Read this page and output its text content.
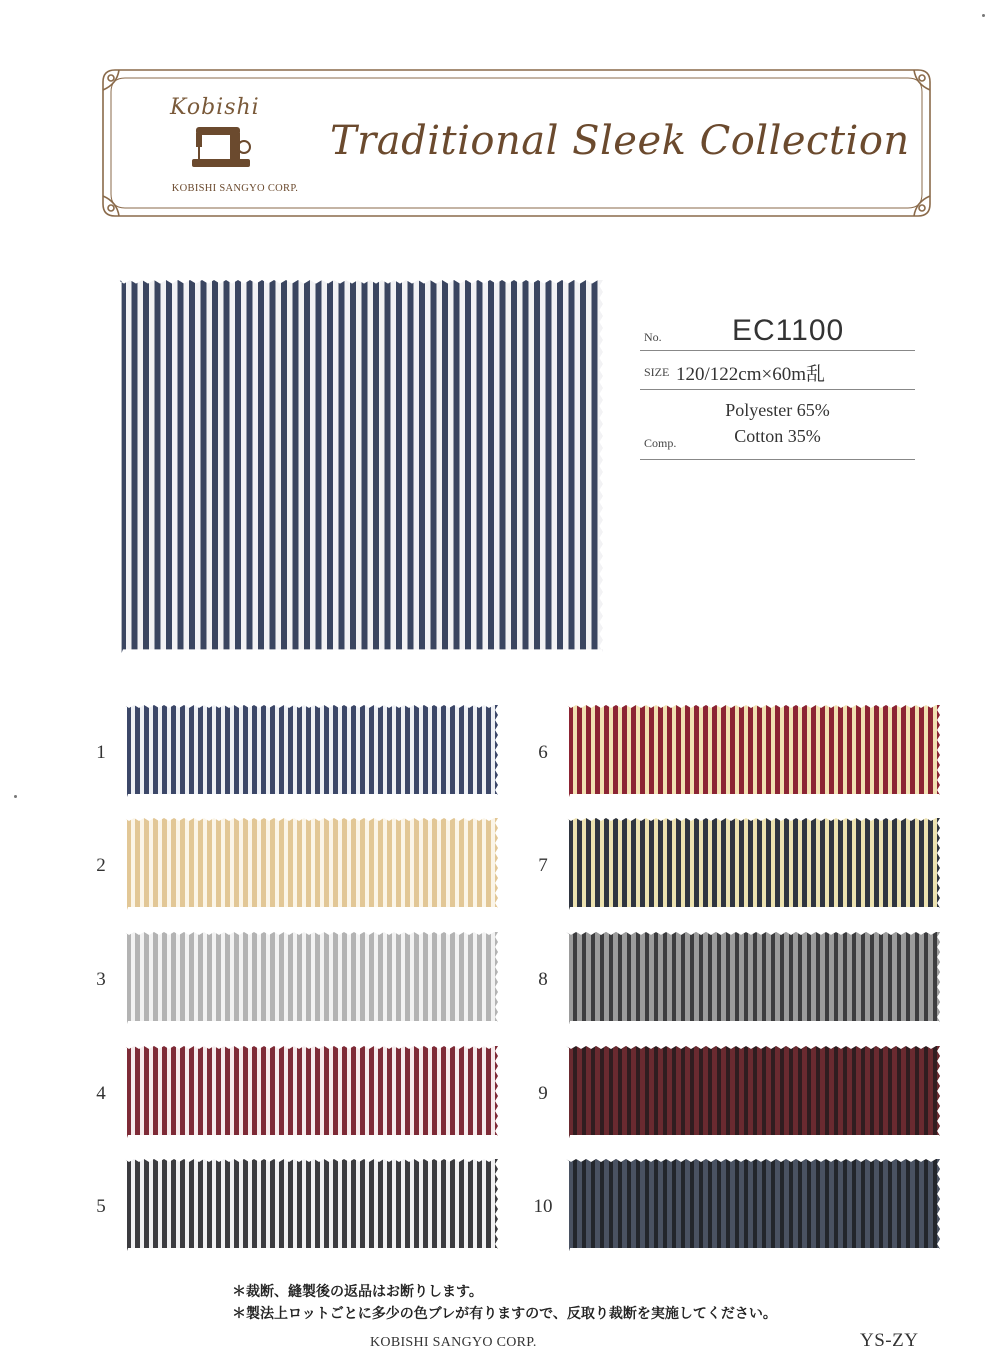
Kobishi
KOBISHI SANGYO CORP.
Traditional Sleek Collection
No. EC1100
SIZE 120/122cm×60m乱
Comp.
Polyester 65%
Cotton 35%
1
2
3
4
5
6
7
8
9
10
＊裁断、縫製後の返品はお断りします。
＊製法上ロットごとに多少の色ブレが有りますので、反取り裁断を実施してください。
KOBISHI SANGYO CORP.	YS-ZY
